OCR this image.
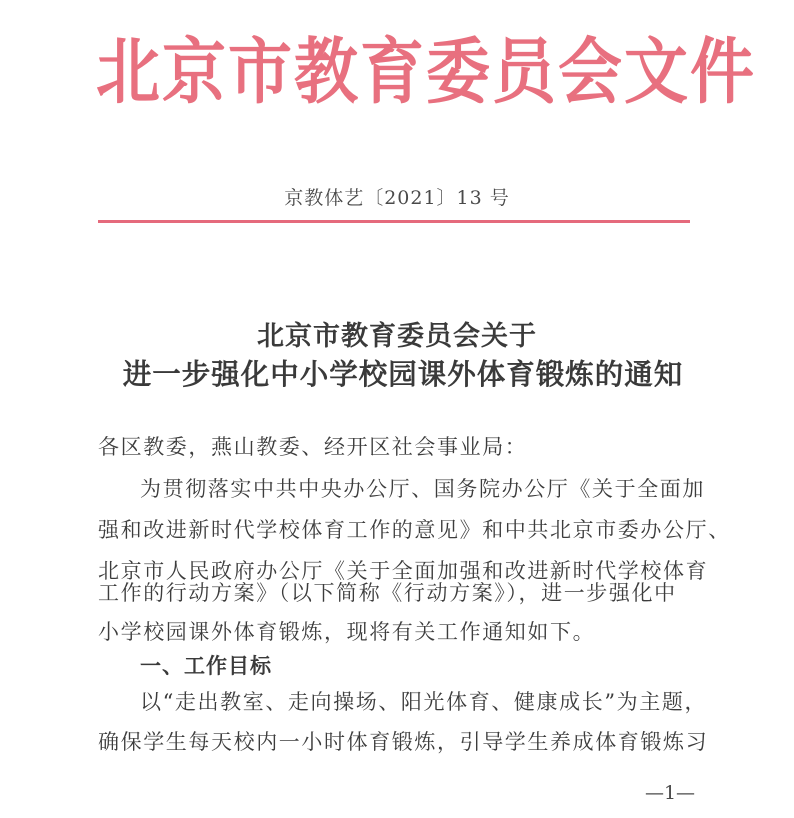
北京市教育委员会文件
京教体艺〔2021〕13 号
北京市教育委员会关于
进一步强化中小学校园课外体育锻炼的通知
各区教委，燕山教委、经开区社会事业局：
为贯彻落实中共中央办公厅、国务院办公厅《关于全面加
强和改进新时代学校体育工作的意见》和中共北京市委办公厅、
北京市人民政府办公厅《关于全面加强和改进新时代学校体育
工作的行动方案》（以下简称《行动方案》），进一步强化中
小学校园课外体育锻炼，现将有关工作通知如下。
一、工作目标
以“走出教室、走向操场、阳光体育、健康成长”为主题，
确保学生每天校内一小时体育锻炼，引导学生养成体育锻炼习
—1—
